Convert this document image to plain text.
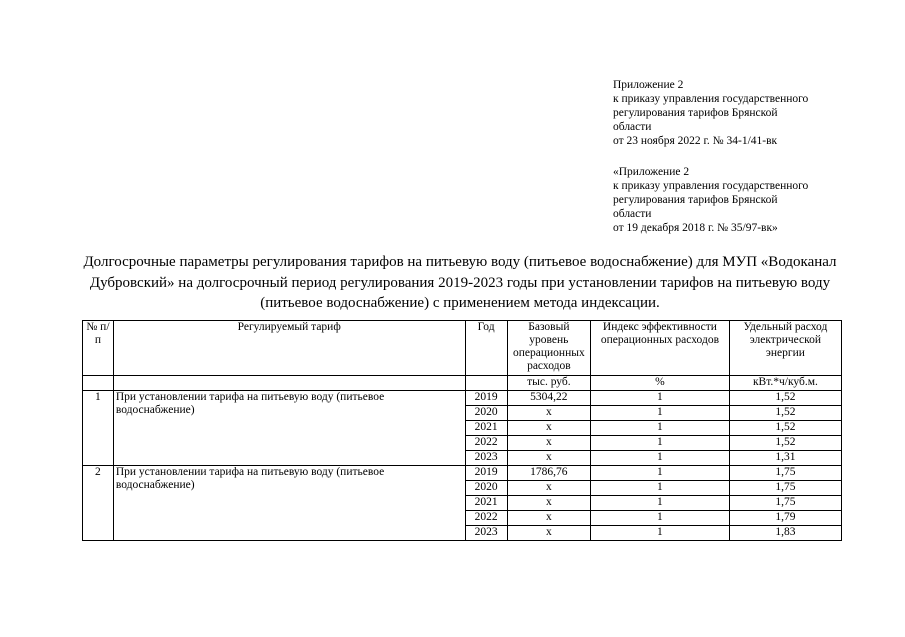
Приложение 2
к приказу управления государственного
регулирования тарифов Брянской
области
от 23 ноября 2022 г. № 34-1/41-вк
«Приложение 2
к приказу управления государственного
регулирования тарифов Брянской
области
от 19 декабря 2018 г. № 35/97-вк»
Долгосрочные параметры регулирования тарифов на питьевую воду (питьевое водоснабжение) для МУП «Водоканал
Дубровский» на долгосрочный период регулирования 2019-2023 годы при установлении тарифов на питьевую воду
(питьевое водоснабжение) с применением метода индексации.
№ п/п	Регулируемый тариф	Год	Базовый уровень операционных расходов	Индекс эффективности операционных расходов	Удельный расход электрической энергии
			тыс. руб.	%	кВт.*ч/куб.м.
1	При установлении тарифа на питьевую воду (питьевое водоснабжение)	2019	5304,22	1	1,52
		2020	х	1	1,52
		2021	х	1	1,52
		2022	х	1	1,52
		2023	х	1	1,31
2	При установлении тарифа на питьевую воду (питьевое водоснабжение)	2019	1786,76	1	1,75
		2020	х	1	1,75
		2021	х	1	1,75
		2022	х	1	1,79
		2023	х	1	1,83
